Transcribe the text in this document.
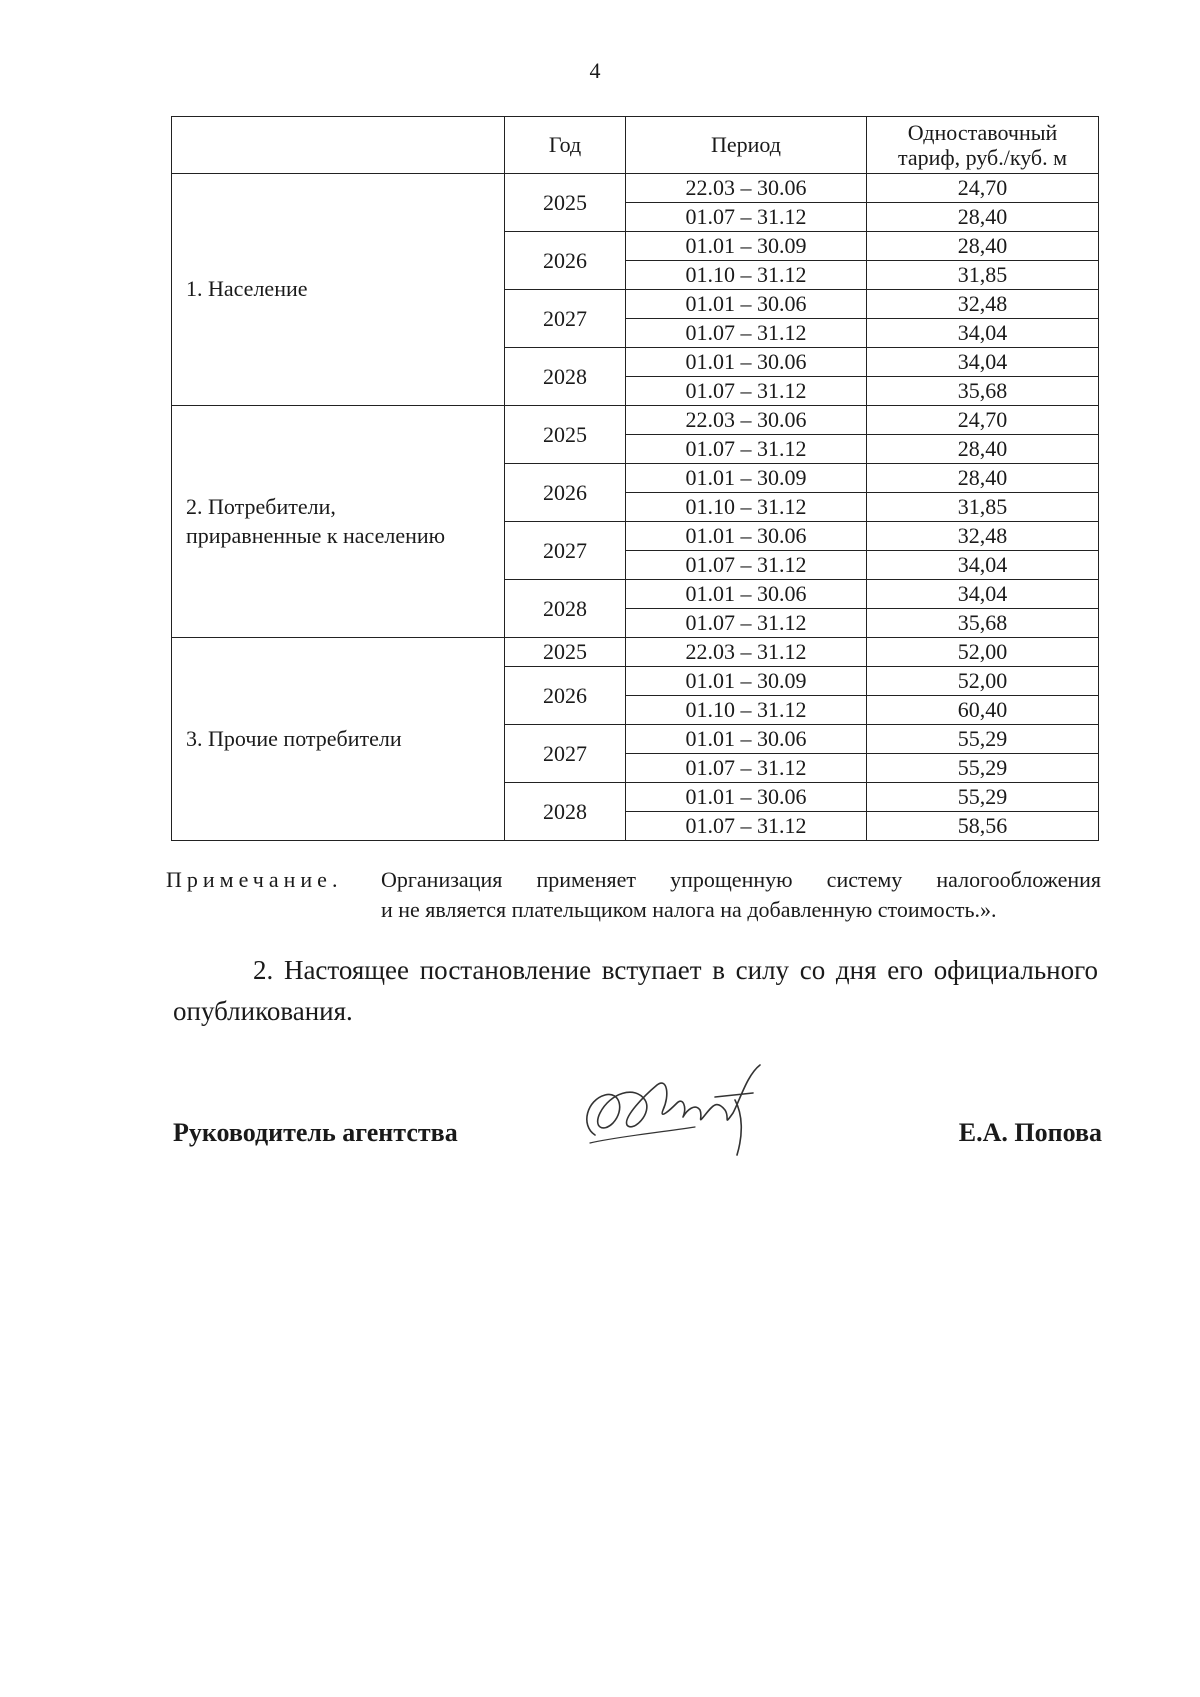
4
	Год	Период	Одноставочный
тариф, руб./куб. м
1. Население	2025	22.03 – 30.06	24,70
		01.07 – 31.12	28,40
	2026	01.01 – 30.09	28,40
		01.10 – 31.12	31,85
	2027	01.01 – 30.06	32,48
		01.07 – 31.12	34,04
	2028	01.01 – 30.06	34,04
		01.07 – 31.12	35,68
2. Потребители,
приравненные к населению	2025	22.03 – 30.06	24,70
		01.07 – 31.12	28,40
	2026	01.01 – 30.09	28,40
		01.10 – 31.12	31,85
	2027	01.01 – 30.06	32,48
		01.07 – 31.12	34,04
	2028	01.01 – 30.06	34,04
		01.07 – 31.12	35,68
3. Прочие потребители	2025	22.03 – 31.12	52,00
	2026	01.01 – 30.09	52,00
		01.10 – 31.12	60,40
	2027	01.01 – 30.06	55,29
		01.07 – 31.12	55,29
	2028	01.01 – 30.06	55,29
		01.07 – 31.12	58,56
Примечание. Организация применяет упрощенную систему налогообложения
и не является плательщиком налога на добавленную стоимость.».
2. Настоящее постановление вступает в силу со дня его официального опубликования.
Руководитель агентства	Е.А. Попова
